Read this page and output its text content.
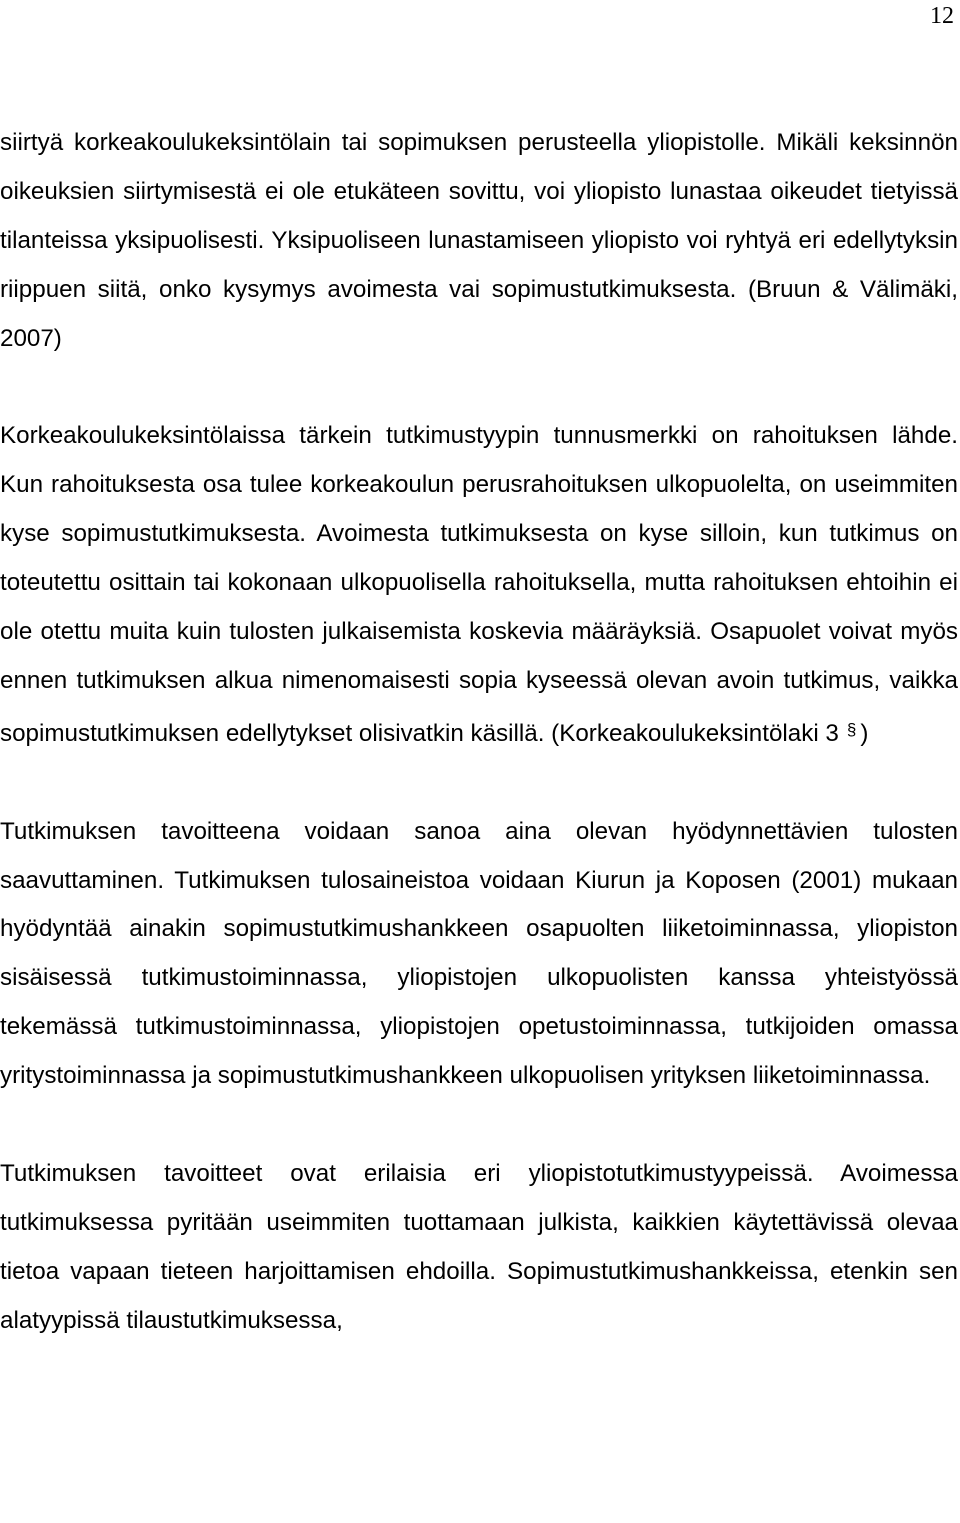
12

siirtyä korkeakoulukeksintölain tai sopimuksen perusteella yliopistolle. Mikäli keksinnön oikeuksien siirtymisestä ei ole etukäteen sovittu, voi yliopisto lunastaa oikeudet tietyissä tilanteissa yksipuolisesti. Yksipuoliseen lunastamiseen yliopisto voi ryhtyä eri edellytyksin riippuen siitä, onko kysymys avoimesta vai sopimustutkimuksesta. (Bruun & Välimäki, 2007)

Korkeakoulukeksintölaissa tärkein tutkimustyypin tunnusmerkki on rahoituksen lähde. Kun rahoituksesta osa tulee korkeakoulun perusrahoituksen ulkopuolelta, on useimmiten kyse sopimustutkimuksesta. Avoimesta tutkimuksesta on kyse silloin, kun tutkimus on toteutettu osittain tai kokonaan ulkopuolisella rahoituksella, mutta rahoituksen ehtoihin ei ole otettu muita kuin tulosten julkaisemista koskevia määräyksiä. Osapuolet voivat myös ennen tutkimuksen alkua nimenomaisesti sopia kyseessä olevan avoin tutkimus, vaikka sopimustutkimuksen edellytykset olisivatkin käsillä. (Korkeakoulukeksintölaki 3 § )

Tutkimuksen tavoitteena voidaan sanoa aina olevan hyödynnettävien tulosten saavuttaminen. Tutkimuksen tulosaineistoa voidaan Kiurun ja Koposen (2001) mukaan hyödyntää ainakin sopimustutkimushankkeen osapuolten liiketoiminnassa, yliopiston sisäisessä tutkimustoiminnassa, yliopistojen ulkopuolisten kanssa yhteistyössä tekemässä tutkimustoiminnassa, yliopistojen opetustoiminnassa, tutkijoiden omassa yritystoiminnassa ja sopimustutkimushankkeen ulkopuolisen yrityksen liiketoiminnassa.

Tutkimuksen tavoitteet ovat erilaisia eri yliopistotutkimustyypeissä. Avoimessa tutkimuksessa pyritään useimmiten tuottamaan julkista, kaikkien käytettävissä olevaa tietoa vapaan tieteen harjoittamisen ehdoilla. Sopimustutkimushankkeissa, etenkin sen alatyypissä tilaustutkimuksessa,
